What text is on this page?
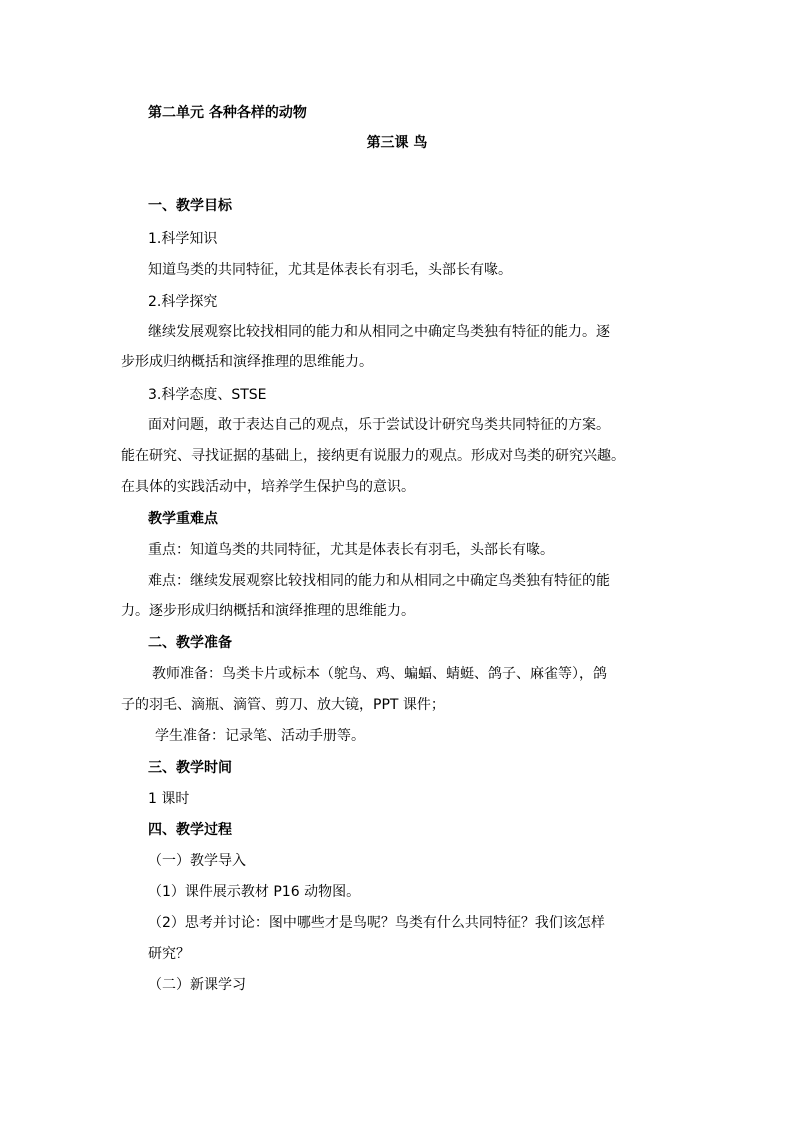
第二单元 各种各样的动物
第三课 鸟
一、教学目标
1.科学知识
知道鸟类的共同特征，尤其是体表长有羽毛，头部长有喙。
2.科学探究
继续发展观察比较找相同的能力和从相同之中确定鸟类独有特征的能力。逐
步形成归纳概括和演绎推理的思维能力。
3.科学态度、STSE
面对问题，敢于表达自己的观点，乐于尝试设计研究鸟类共同特征的方案。
能在研究、寻找证据的基础上，接纳更有说服力的观点。形成对鸟类的研究兴趣。
在具体的实践活动中，培养学生保护鸟的意识。
教学重难点
重点：知道鸟类的共同特征，尤其是体表长有羽毛，头部长有喙。
难点：继续发展观察比较找相同的能力和从相同之中确定鸟类独有特征的能
力。逐步形成归纳概括和演绎推理的思维能力。
二、教学准备
教师准备：鸟类卡片或标本（鸵鸟、鸡、蝙蝠、蜻蜓、鸽子、麻雀等），鸽
子的羽毛、滴瓶、滴管、剪刀、放大镜，PPT 课件；
学生准备：记录笔、活动手册等。
三、教学时间
1 课时
四、教学过程
（一）教学导入
（1）课件展示教材 P16 动物图。
（2）思考并讨论：图中哪些才是鸟呢？鸟类有什么共同特征？我们该怎样
研究？
（二）新课学习
